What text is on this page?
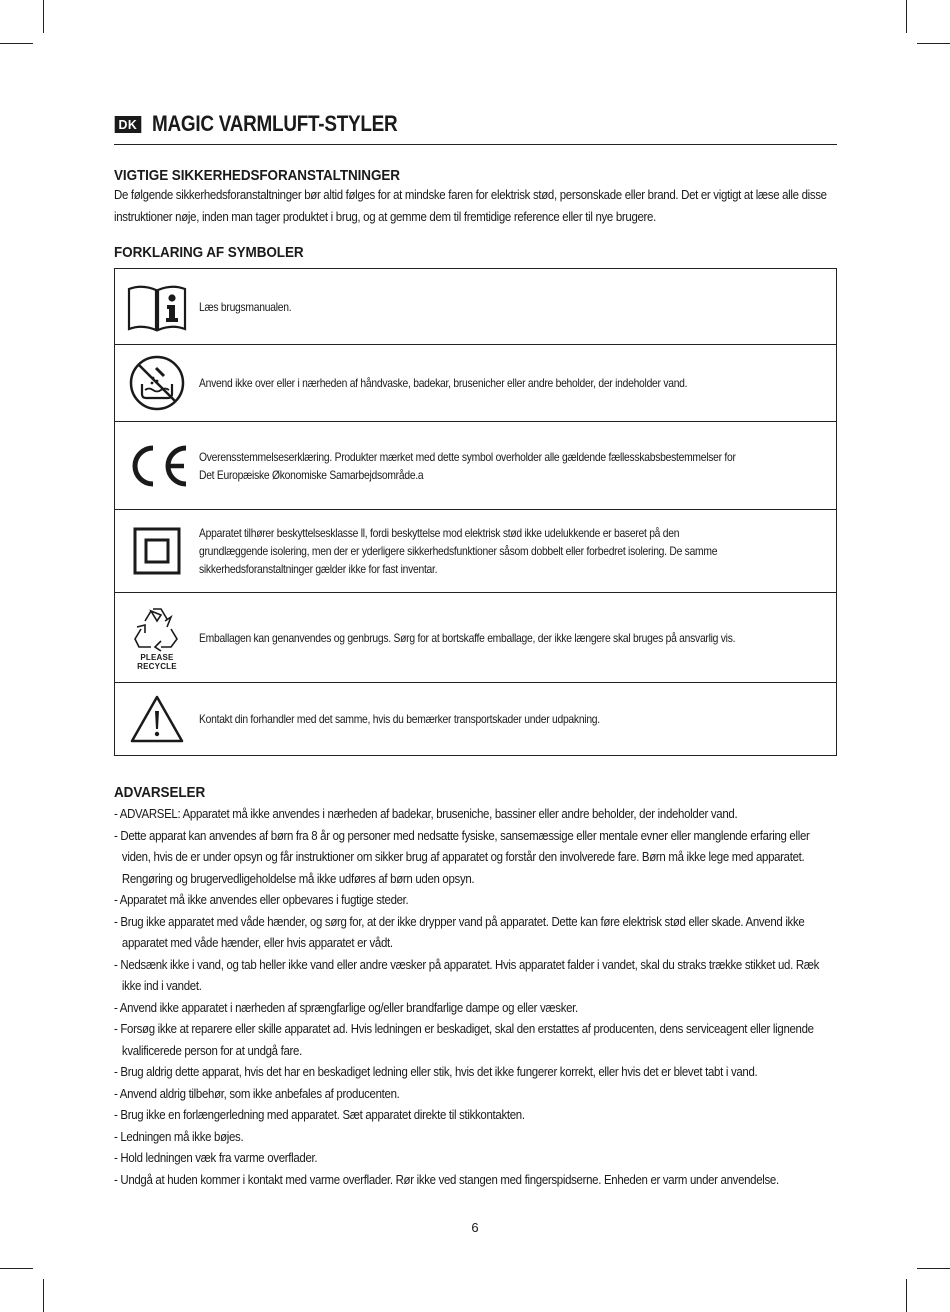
DK MAGIC VARMLUFT-STYLER
VIGTIGE SIKKERHEDSFORANSTALTNINGER
De følgende sikkerhedsforanstaltninger bør altid følges for at mindske faren for elektrisk stød, personskade eller brand. Det er vigtigt at læse alle disse instruktioner nøje, inden man tager produktet i brug, og at gemme dem til fremtidige reference eller til nye brugere.
FORKLARING AF SYMBOLER
Læs brugsmanualen.
Anvend ikke over eller i nærheden af håndvaske, badekar, brusenicher eller andre beholder, der indeholder vand.
Overensstemmelseserklæring. Produkter mærket med dette symbol overholder alle gældende fællesskabsbestemmelser for Det Europæiske Økonomiske Samarbejdsområde.a
Apparatet tilhører beskyttelsesklasse ll, fordi beskyttelse mod elektrisk stød ikke udelukkende er baseret på den grundlæggende isolering, men der er yderligere sikkerhedsfunktioner såsom dobbelt eller forbedret isolering. De samme sikkerhedsforanstaltninger gælder ikke for fast inventar.
PLEASE
RECYCLE
Emballagen kan genanvendes og genbrugs. Sørg for at bortskaffe emballage, der ikke længere skal bruges på ansvarlig vis.
Kontakt din forhandler med det samme, hvis du bemærker transportskader under udpakning.
ADVARSELER
- ADVARSEL: Apparatet må ikke anvendes i nærheden af badekar, bruseniche, bassiner eller andre beholder, der indeholder vand.
- Dette apparat kan anvendes af børn fra 8 år og personer med nedsatte fysiske, sansemæssige eller mentale evner eller manglende erfaring eller viden, hvis de er under opsyn og får instruktioner om sikker brug af apparatet og forstår den involverede fare. Børn må ikke lege med apparatet. Rengøring og brugervedligeholdelse må ikke udføres af børn uden opsyn.
- Apparatet må ikke anvendes eller opbevares i fugtige steder.
- Brug ikke apparatet med våde hænder, og sørg for, at der ikke drypper vand på apparatet. Dette kan føre elektrisk stød eller skade. Anvend ikke apparatet med våde hænder, eller hvis apparatet er vådt.
- Nedsænk ikke i vand, og tab heller ikke vand eller andre væsker på apparatet. Hvis apparatet falder i vandet, skal du straks trække stikket ud. Ræk ikke ind i vandet.
- Anvend ikke apparatet i nærheden af sprængfarlige og/eller brandfarlige dampe og eller væsker.
- Forsøg ikke at reparere eller skille apparatet ad. Hvis ledningen er beskadiget, skal den erstattes af producenten, dens serviceagent eller lignende kvalificerede person for at undgå fare.
- Brug aldrig dette apparat, hvis det har en beskadiget ledning eller stik, hvis det ikke fungerer korrekt, eller hvis det er blevet tabt i vand.
- Anvend aldrig tilbehør, som ikke anbefales af producenten.
- Brug ikke en forlængerledning med apparatet. Sæt apparatet direkte til stikkontakten.
- Ledningen må ikke bøjes.
- Hold ledningen væk fra varme overflader.
- Undgå at huden kommer i kontakt med varme overflader. Rør ikke ved stangen med fingerspidserne. Enheden er varm under anvendelse.
6
